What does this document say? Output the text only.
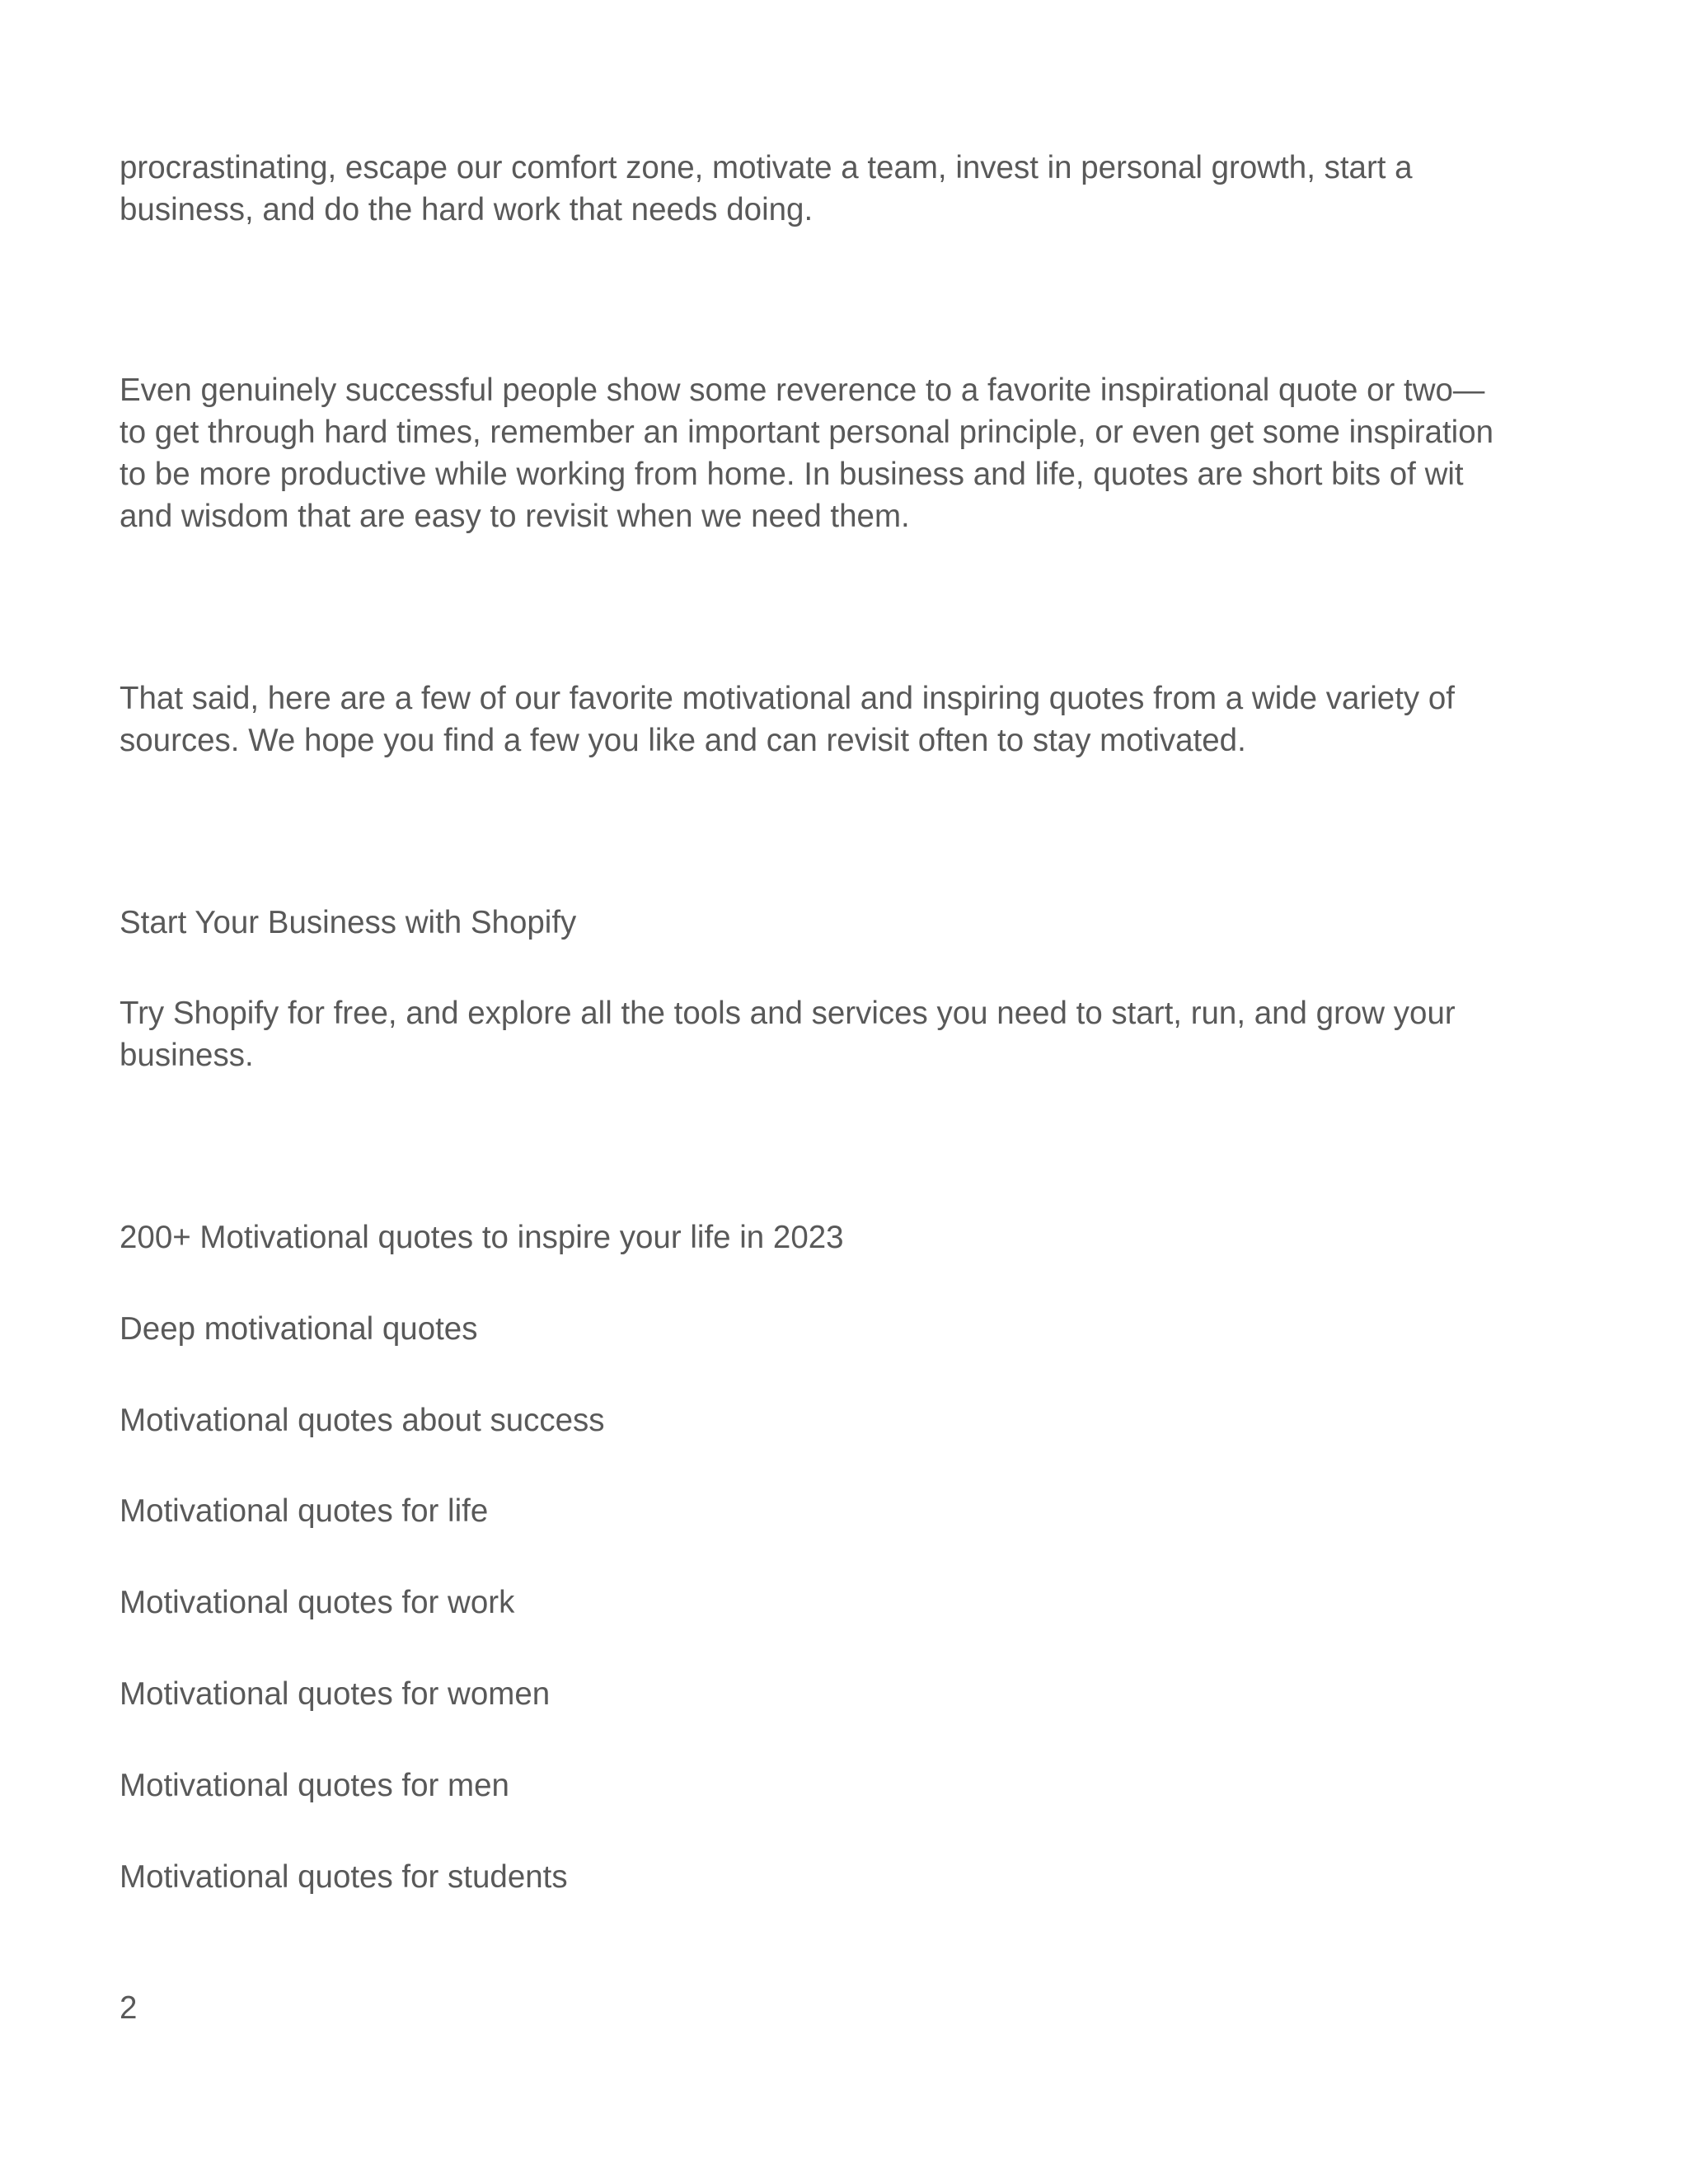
procrastinating, escape our comfort zone, motivate a team, invest in personal growth, start a
business, and do the hard work that needs doing.

Even genuinely successful people show some reverence to a favorite inspirational quote or two—
to get through hard times, remember an important personal principle, or even get some inspiration
to be more productive while working from home. In business and life, quotes are short bits of wit
and wisdom that are easy to revisit when we need them.

That said, here are a few of our favorite motivational and inspiring quotes from a wide variety of
sources. We hope you find a few you like and can revisit often to stay motivated.

Start Your Business with Shopify

Try Shopify for free, and explore all the tools and services you need to start, run, and grow your
business.

200+ Motivational quotes to inspire your life in 2023

Deep motivational quotes

Motivational quotes about success

Motivational quotes for life

Motivational quotes for work

Motivational quotes for women

Motivational quotes for men

Motivational quotes for students

2
